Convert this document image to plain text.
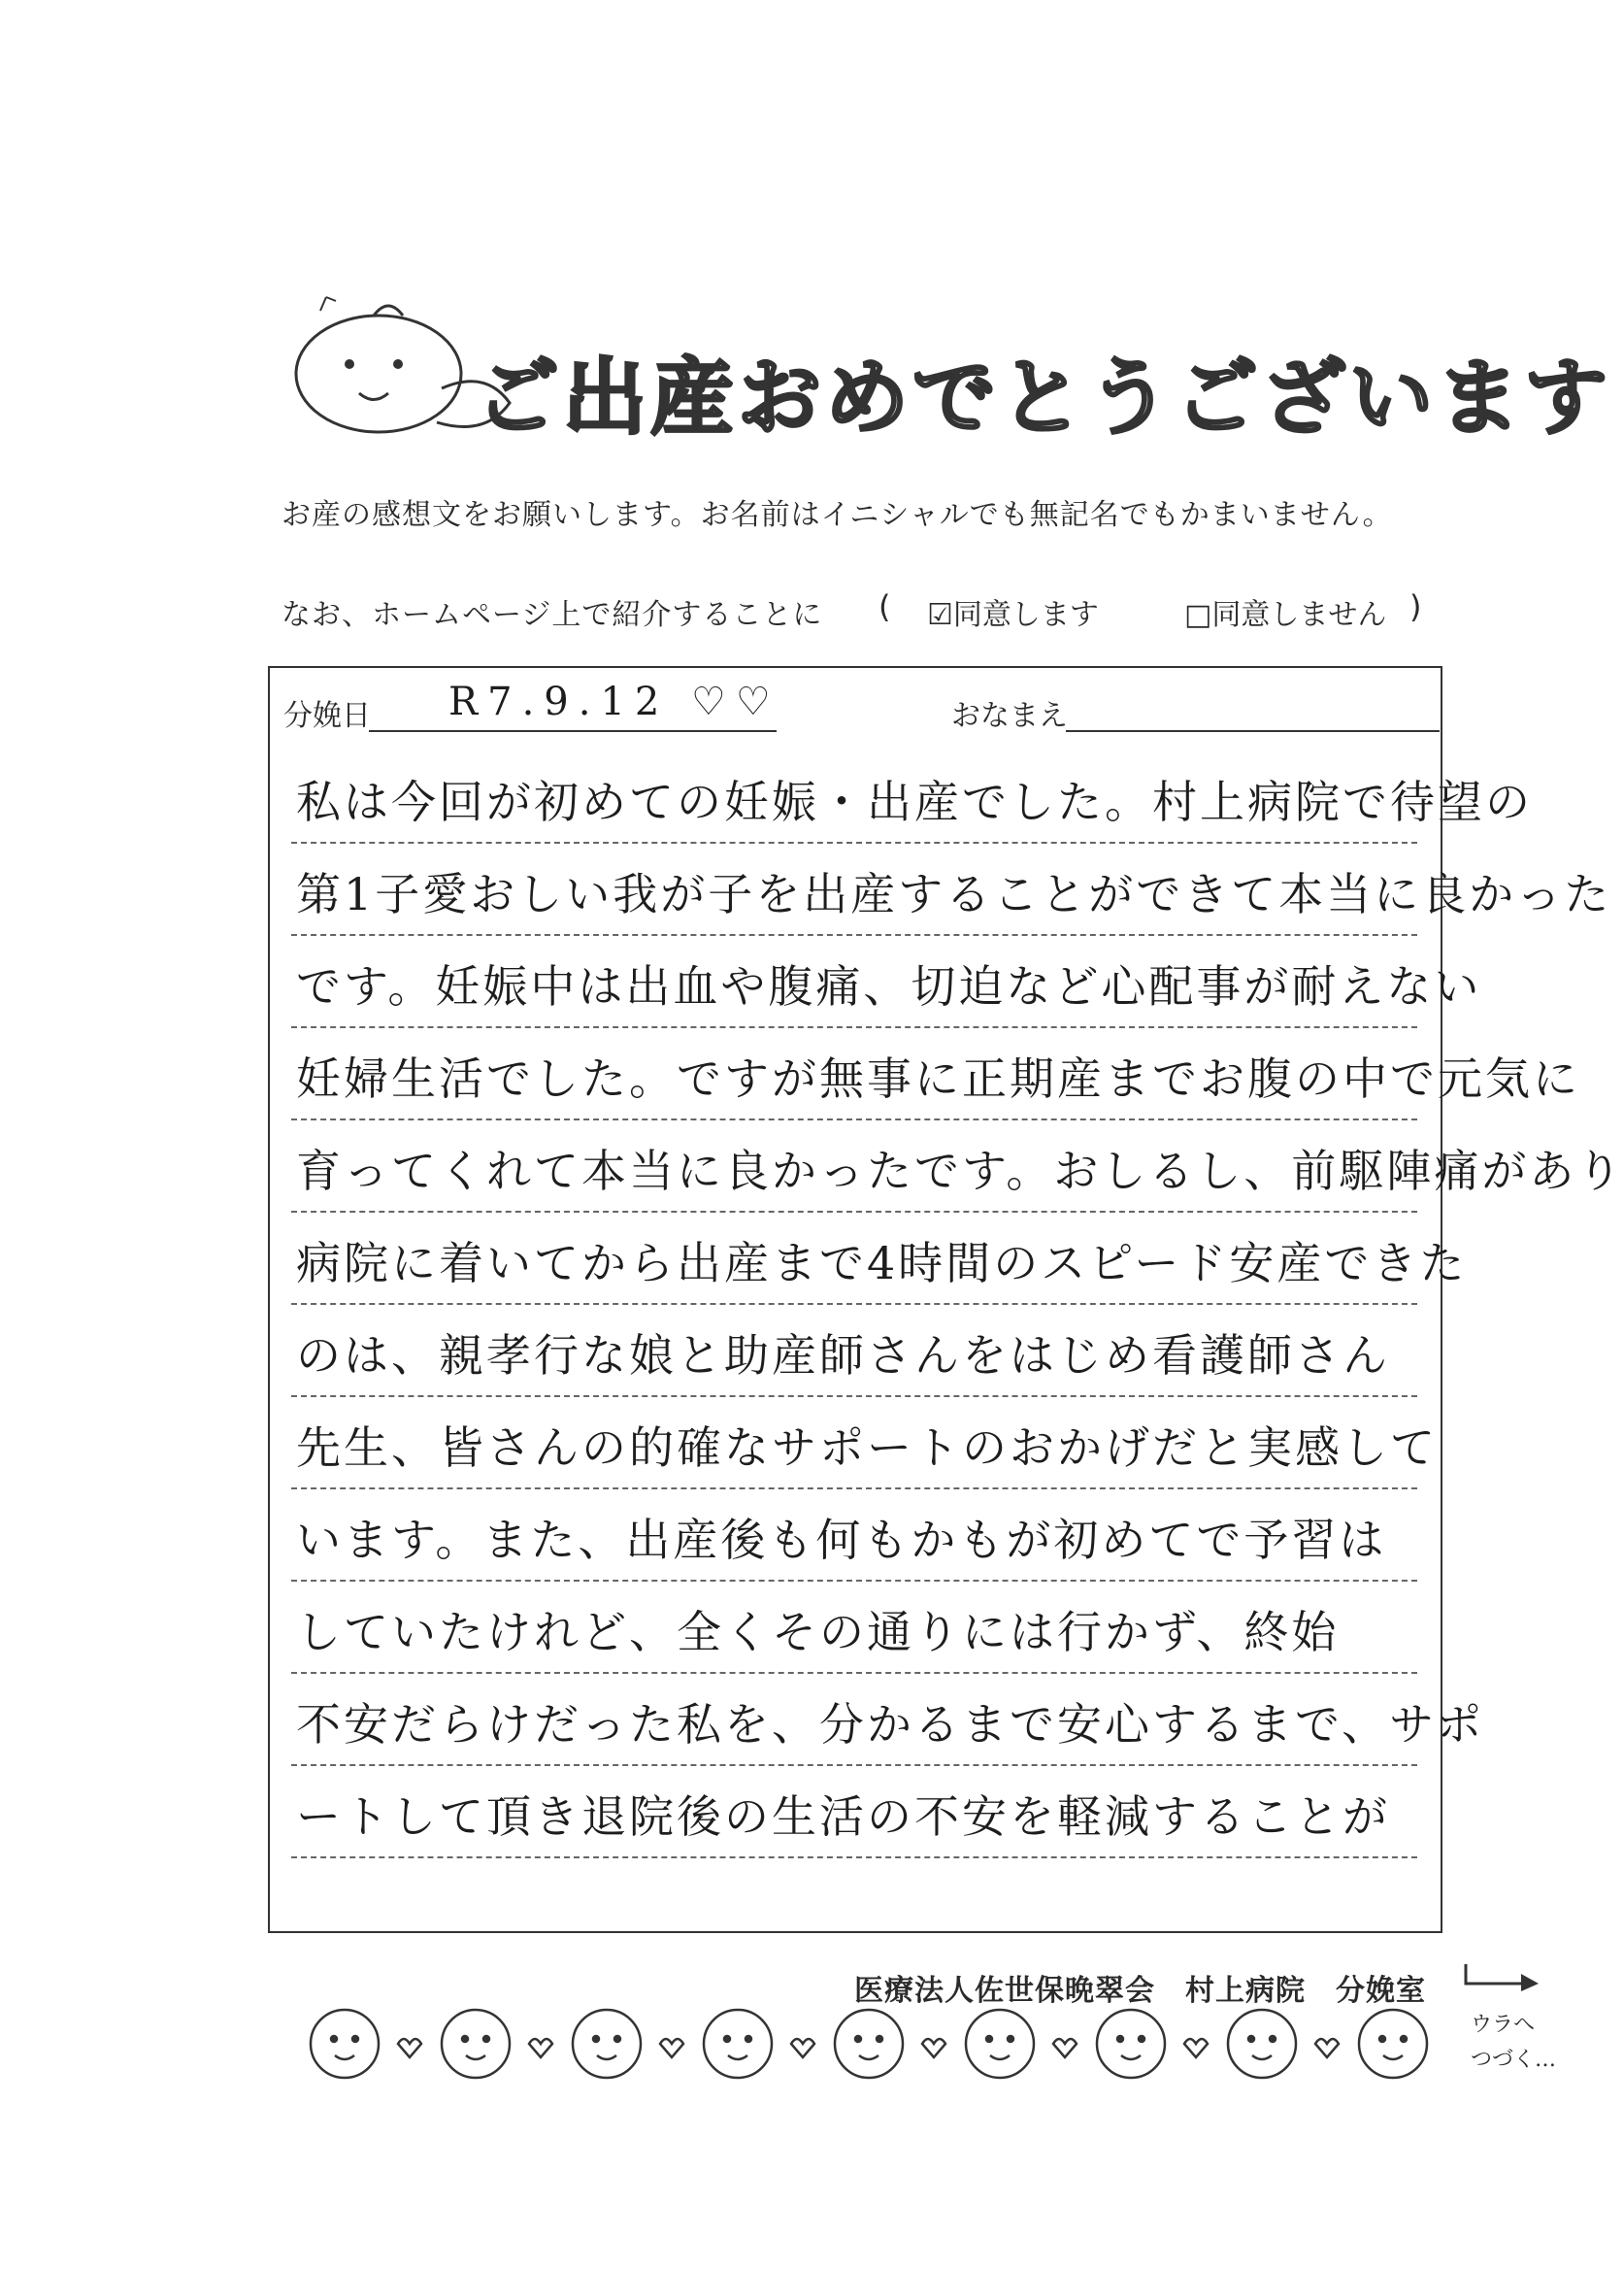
ご出産おめでとうございます
お産の感想文をお願いします。お名前はイニシャルでも無記名でもかまいません。
なお、ホームページ上で紹介することに ( ☑同意します	□同意しません )
分娩日 R7.9.12 ♡♡	おなまえ
私は今回が初めての妊娠・出産でした。村上病院で待望の
第1子愛おしい我が子を出産することができて本当に良かった
です。妊娠中は出血や腹痛、切迫など心配事が耐えない
妊婦生活でした。ですが無事に正期産までお腹の中で元気に
育ってくれて本当に良かったです。おしるし、前駆陣痛があり
病院に着いてから出産まで4時間のスピード安産できた
のは、親孝行な娘と助産師さんをはじめ看護師さん
先生、皆さんの的確なサポートのおかげだと実感して
います。また、出産後も何もかもが初めてで予習は
していたけれど、全くその通りには行かず、終始
不安だらけだった私を、分かるまで安心するまで、サポ
ートして頂き退院後の生活の不安を軽減することが
医療法人佐世保晩翠会　村上病院　分娩室
ウラへ
つづく…
